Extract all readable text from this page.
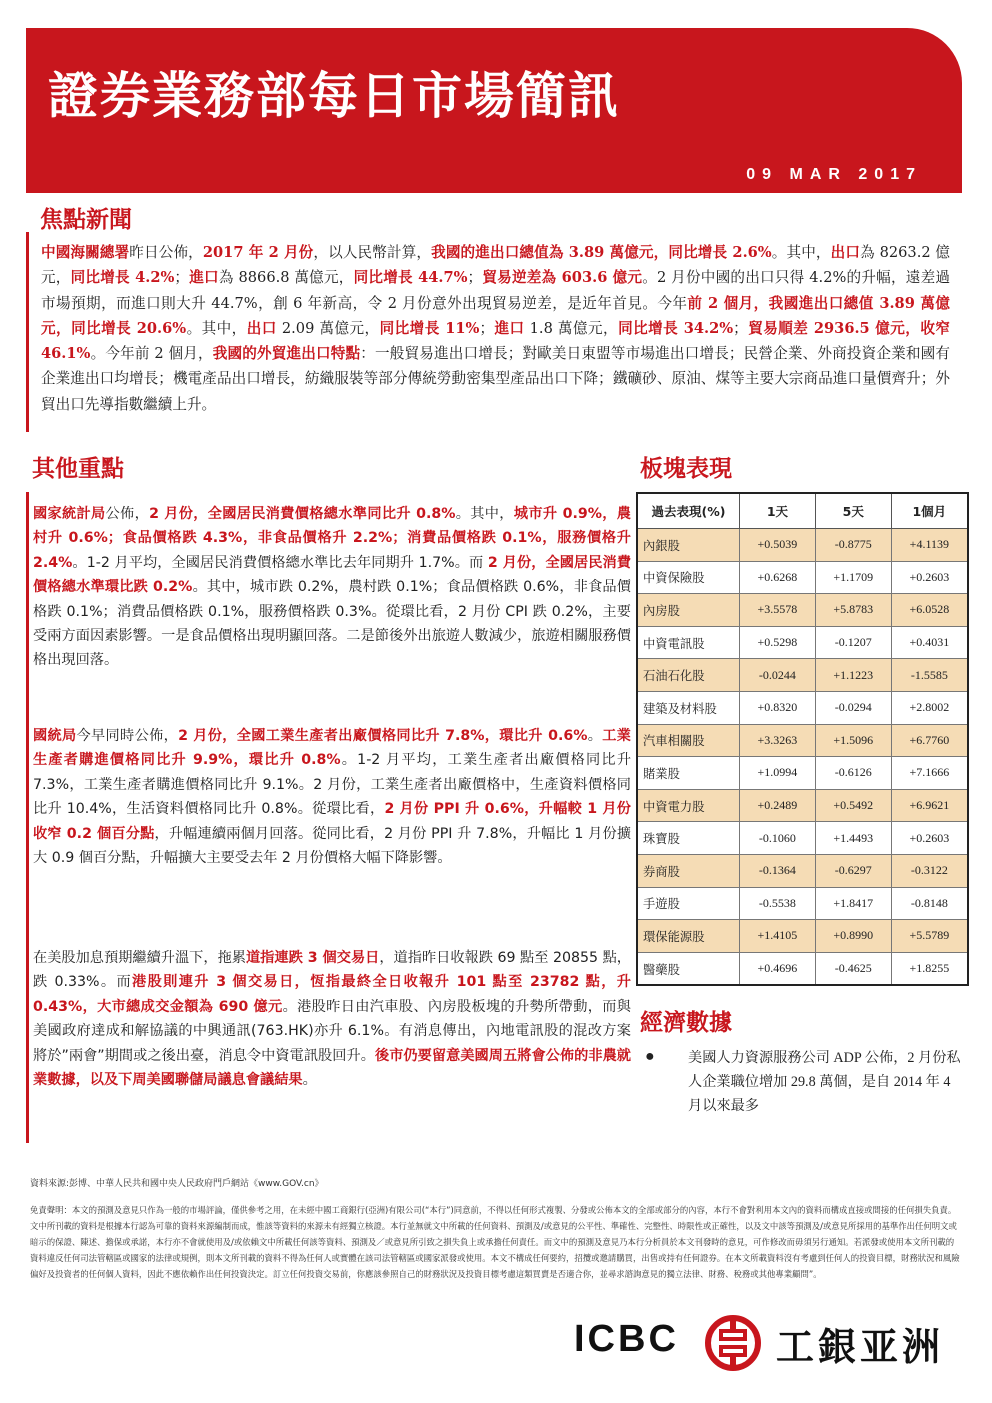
證券業務部每日市場簡訊
09 MAR 2017
焦點新聞

中國海關總署昨日公佈，2017 年 2 月份，以人民幣計算，我國的進出口總值為 3.89 萬億元，同比增長 2.6%。其中，出口為 8263.2 億元，同比增長 4.2%；進口為 8866.8 萬億元，同比增長 44.7%；貿易逆差為 603.6 億元。2 月份中國的出口只得 4.2%的升幅，遠差過市場預期，而進口則大升 44.7%，創 6 年新高，令 2 月份意外出現貿易逆差，是近年首見。今年前 2 個月，我國進出口總值 3.89 萬億元，同比增長 20.6%。其中，出口 2.09 萬億元，同比增長 11%；進口 1.8 萬億元，同比增長 34.2%；貿易順差 2936.5 億元，收窄 46.1%。今年前 2 個月，我國的外貿進出口特點：一般貿易進出口增長；對歐美日東盟等市場進出口增長；民營企業、外商投資企業和國有企業進出口均增長；機電產品出口增長，紡織服裝等部分傳統勞動密集型產品出口下降；鐵礦砂、原油、煤等主要大宗商品進口量價齊升；外貿出口先導指數繼續上升。

其他重點

國家統計局公佈，2 月份，全國居民消費價格總水準同比升 0.8%。其中，城市升 0.9%，農村升 0.6%；食品價格跌 4.3%，非食品價格升 2.2%；消費品價格跌 0.1%，服務價格升 2.4%。1-2 月平均，全國居民消費價格總水準比去年同期升 1.7%。而 2 月份，全國居民消費價格總水準環比跌 0.2%。其中，城市跌 0.2%，農村跌 0.1%；食品價格跌 0.6%，非食品價格跌 0.1%；消費品價格跌 0.1%，服務價格跌 0.3%。從環比看，2 月份 CPI 跌 0.2%，主要受兩方面因素影響。一是食品價格出現明顯回落。二是節後外出旅遊人數減少，旅遊相關服務價格出現回落。

國統局今早同時公佈，2 月份，全國工業生產者出廠價格同比升 7.8%，環比升 0.6%。工業生產者購進價格同比升 9.9%，環比升 0.8%。1-2 月平均，工業生產者出廠價格同比升 7.3%，工業生產者購進價格同比升 9.1%。2 月份，工業生產者出廠價格中，生產資料價格同比升 10.4%，生活資料價格同比升 0.8%。從環比看，2 月份 PPI 升 0.6%，升幅較 1 月份收窄 0.2 個百分點，升幅連續兩個月回落。從同比看，2 月份 PPI 升 7.8%，升幅比 1 月份擴大 0.9 個百分點，升幅擴大主要受去年 2 月份價格大幅下降影響。

在美股加息預期繼續升溫下，拖累道指連跌 3 個交易日，道指昨日收報跌 69 點至 20855 點，跌 0.33%。而港股則連升 3 個交易日，恆指最終全日收報升 101 點至 23782 點，升 0.43%，大市總成交金額為 690 億元。港股昨日由汽車股、內房股板塊的升勢所帶動，而與美國政府達成和解協議的中興通訊(763.HK)亦升 6.1%。有消息傳出，內地電訊股的混改方案將於”兩會”期間或之後出臺，消息令中資電訊股回升。後市仍要留意美國周五將會公佈的非農就業數據，以及下周美國聯儲局議息會議結果。

板塊表現
過去表現(%)	1天	5天	1個月
內銀股	+0.5039	-0.8775	+4.1139
中資保險股	+0.6268	+1.1709	+0.2603
內房股	+3.5578	+5.8783	+6.0528
中資電訊股	+0.5298	-0.1207	+0.4031
石油石化股	-0.0244	+1.1223	-1.5585
建築及材料股	+0.8320	-0.0294	+2.8002
汽車相關股	+3.3263	+1.5096	+6.7760
賭業股	+1.0994	-0.6126	+7.1666
中資電力股	+0.2489	+0.5492	+6.9621
珠寶股	-0.1060	+1.4493	+0.2603
券商股	-0.1364	-0.6297	-0.3122
手遊股	-0.5538	+1.8417	-0.8148
環保能源股	+1.4105	+0.8990	+5.5789
醫藥股	+0.4696	-0.4625	+1.8255
經濟數據
● 美國人力資源服務公司 ADP 公佈，2 月份私人企業職位增加 29.8 萬個，是自 2014 年 4 月以來最多
資料來源:彭博、中華人民共和國中央人民政府門戶網站《www.GOV.cn》

免責聲明：本文的預測及意見只作為一般的市場評論，僅供參考之用，在未經中國工商銀行(亞洲)有限公司(“本行”)同意前，不得以任何形式複製、分發或公佈本文的全部或部分的內容，本行不會對利用本文內的資料而構成直接或間接的任何損失負責。文中所刊載的資料是根據本行認為可靠的資料來源編制而成，惟該等資料的來源未有經獨立核證。本行並無就文中所載的任何資料、預測及/或意見的公平性、準確性、完整性、時限性或正確性，以及文中該等預測及/或意見所採用的基準作出任何明文或暗示的保證、陳述、擔保或承諾，本行亦不會就使用及/或依賴文中所載任何該等資料、預測及／或意見所引致之損失負上或承擔任何責任。而文中的預測及意見乃本行分析員於本文刊發時的意見，可作修改而毋須另行通知。若派發或使用本文所刊載的資料違反任何司法管轄區或國家的法律或規例，則本文所刊載的資料不得為任何人或實體在該司法管轄區或國家派發或使用。本文不構成任何要約，招攬或邀請購買，出售或持有任何證券。在本文所載資料沒有考慮到任何人的投資目標，財務狀況和風險偏好及投資者的任何個人資料，因此不應依賴作出任何投資決定。訂立任何投資交易前，你應該參照自己的財務狀況及投資目標考慮這類買賣是否適合你，並尋求諮詢意見的獨立法律、財務、稅務或其他專業顧問”。

ICBC	工銀亚洲
